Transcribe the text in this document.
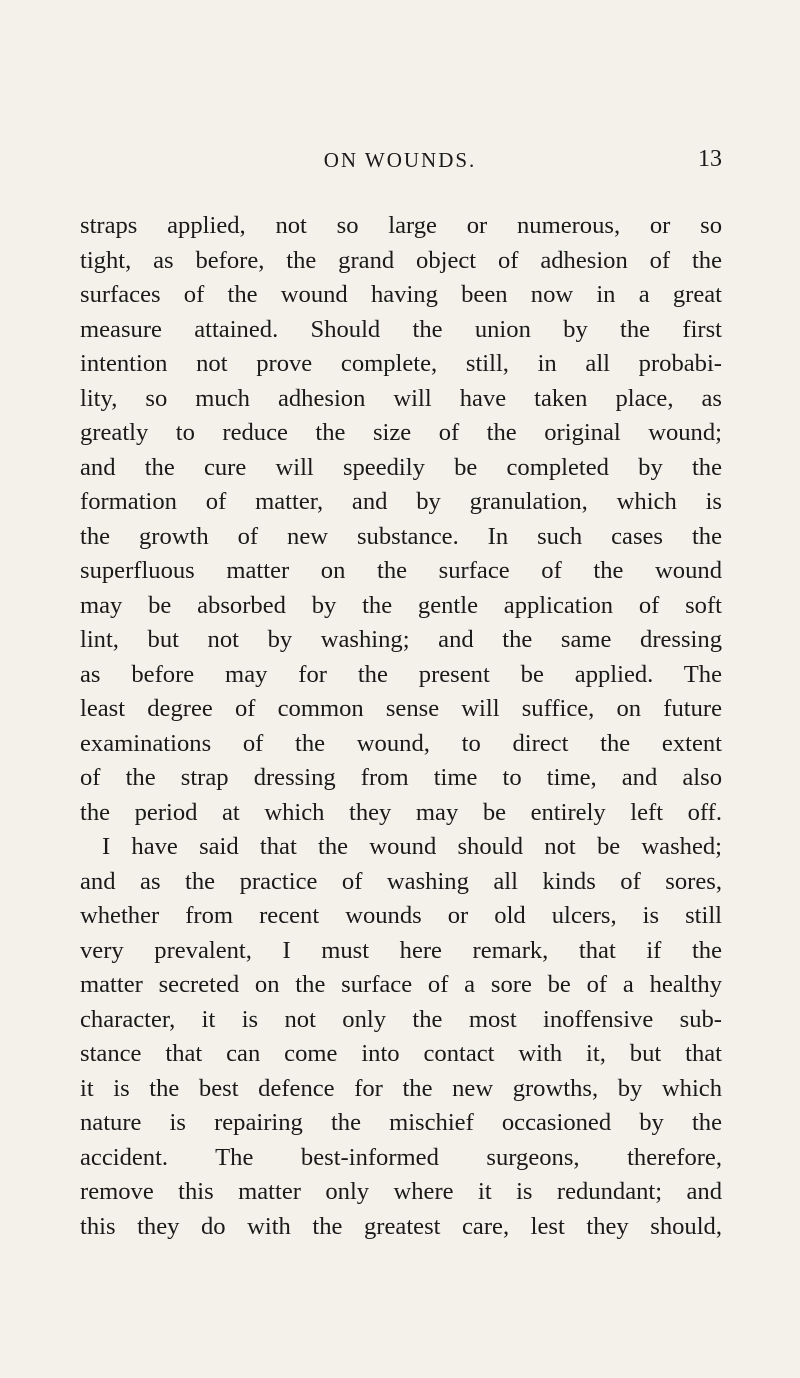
ON WOUNDS.	13
straps applied, not so large or numerous, or so
tight, as before, the grand object of adhesion of the
surfaces of the wound having been now in a great
measure attained. Should the union by the first
intention not prove complete, still, in all probabi-
lity, so much adhesion will have taken place, as
greatly to reduce the size of the original wound;
and the cure will speedily be completed by the
formation of matter, and by granulation, which is
the growth of new substance. In such cases the
superfluous matter on the surface of the wound
may be absorbed by the gentle application of soft
lint, but not by washing; and the same dressing
as before may for the present be applied. The
least degree of common sense will suffice, on future
examinations of the wound, to direct the extent
of the strap dressing from time to time, and also
the period at which they may be entirely left off.
I have said that the wound should not be washed;
and as the practice of washing all kinds of sores,
whether from recent wounds or old ulcers, is still
very prevalent, I must here remark, that if the
matter secreted on the surface of a sore be of a healthy
character, it is not only the most inoffensive sub-
stance that can come into contact with it, but that
it is the best defence for the new growths, by which
nature is repairing the mischief occasioned by the
accident. The best-informed surgeons, therefore,
remove this matter only where it is redundant; and
this they do with the greatest care, lest they should,
